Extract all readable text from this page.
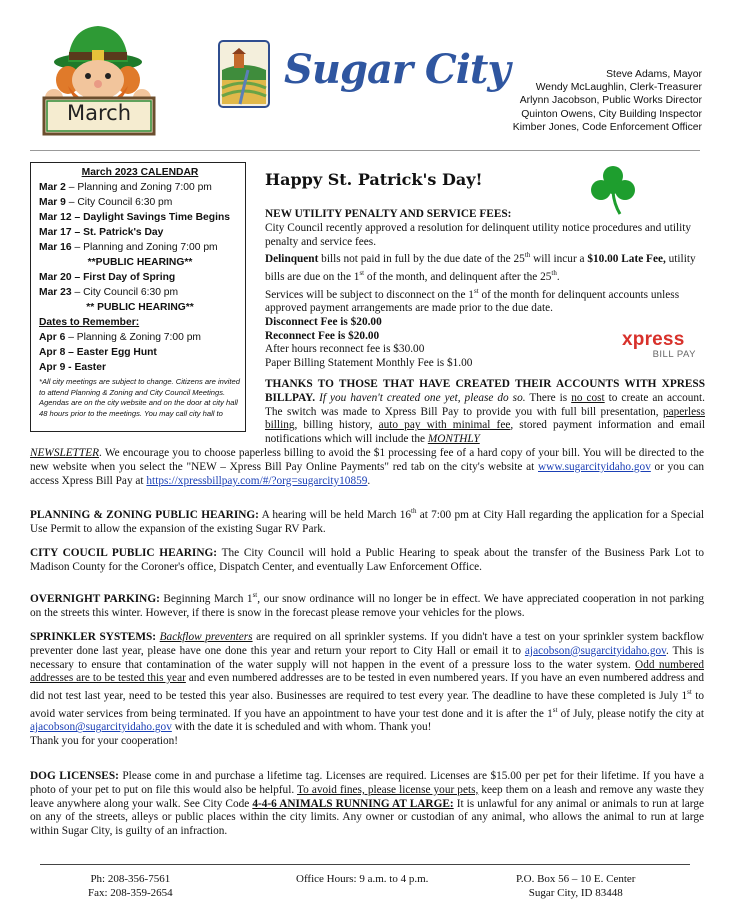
March
Sugar City	Steve Adams, Mayor
Wendy McLaughlin, Clerk-Treasurer
Arlynn Jacobson, Public Works Director
Quinton Owens, City Building Inspector
Kimber Jones, Code Enforcement Officer
March 2023 CALENDAR
Mar 2 – Planning and Zoning 7:00 pm
Mar 9 – City Council 6:30 pm
Mar 12 – Daylight Savings Time Begins
Mar 17 – St. Patrick's Day
Mar 16 – Planning and Zoning 7:00 pm
**PUBLIC HEARING**
Mar 20 – First Day of Spring
Mar 23 – City Council 6:30 pm
** PUBLIC HEARING**
Dates to Remember:
Apr 6 – Planning & Zoning 7:00 pm
Apr 8 – Easter Egg Hunt
Apr 9 - Easter
*All city meetings are subject to change. Citizens are invited to attend Planning & Zoning and City Council Meetings. Agendas are on the city website and on the door at city hall 48 hours prior to the meetings. You may call city hall to
Happy St. Patrick's Day!
NEW UTILITY PENALTY AND SERVICE FEES:
City Council recently approved a resolution for delinquent utility notice procedures and utility penalty and service fees.
Delinquent bills not paid in full by the due date of the 25th will incur a $10.00 Late Fee, utility bills are due on the 1st of the month, and delinquent after the 25th.
Services will be subject to disconnect on the 1st of the month for delinquent accounts unless approved payment arrangements are made prior to the due date.
Disconnect Fee is $20.00
Reconnect Fee is $20.00
After hours reconnect fee is $30.00
Paper Billing Statement Monthly Fee is $1.00
xpress
BILL PAY
THANKS TO THOSE THAT HAVE CREATED THEIR ACCOUNTS WITH XPRESS BILLPAY. If you haven't created one yet, please do so. There is no cost to create an account. The switch was made to Xpress Bill Pay to provide you with full bill presentation, paperless billing, billing history, auto pay with minimal fee, stored payment information and email notifications which will include the MONTHLY
NEWSLETTER. We encourage you to choose paperless billing to avoid the $1 processing fee of a hard copy of your bill. You will be directed to the new website when you select the "NEW – Xpress Bill Pay Online Payments" red tab on the city's website at www.sugarcityidaho.gov or you can access Xpress Bill Pay at https://xpressbillpay.com/#/?org=sugarcity10859.
PLANNING & ZONING PUBLIC HEARING: A hearing will be held March 16th at 7:00 pm at City Hall regarding the application for a Special Use Permit to allow the expansion of the existing Sugar RV Park.
CITY COUCIL PUBLIC HEARING: The City Council will hold a Public Hearing to speak about the transfer of the Business Park Lot to Madison County for the Coroner's office, Dispatch Center, and eventually Law Enforcement Office.
OVERNIGHT PARKING: Beginning March 1st, our snow ordinance will no longer be in effect. We have appreciated cooperation in not parking on the streets this winter. However, if there is snow in the forecast please remove your vehicles for the plows.
SPRINKLER SYSTEMS: Backflow preventers are required on all sprinkler systems. If you didn't have a test on your sprinkler system backflow preventer done last year, please have one done this year and return your report to City Hall or email it to ajacobson@sugarcityidaho.gov. This is necessary to ensure that contamination of the water supply will not happen in the event of a pressure loss to the water system. Odd numbered addresses are to be tested this year and even numbered addresses are to be tested in even numbered years. If you have an even numbered address and did not test last year, need to be tested this year also. Businesses are required to test every year. The deadline to have these completed is July 1st to avoid water services from being terminated. If you have an appointment to have your test done and it is after the 1st of July, please notify the city at ajacobson@sugarcityidaho.gov with the date it is scheduled and with whom. Thank you!
Thank you for your cooperation!
DOG LICENSES: Please come in and purchase a lifetime tag. Licenses are required. Licenses are $15.00 per pet for their lifetime. If you have a photo of your pet to put on file this would also be helpful. To avoid fines, please license your pets, keep them on a leash and remove any waste they leave anywhere along your walk. See City Code 4-4-6 ANIMALS RUNNING AT LARGE: It is unlawful for any animal or animals to run at large on any of the streets, alleys or public places within the city limits. Any owner or custodian of any animal, who allows the animal to run at large within Sugar City, is guilty of an infraction.
Ph: 208-356-7561
Fax: 208-359-2654
Office Hours: 9 a.m. to 4 p.m.	P.O. Box 56 – 10 E. Center
Sugar City, ID 83448
